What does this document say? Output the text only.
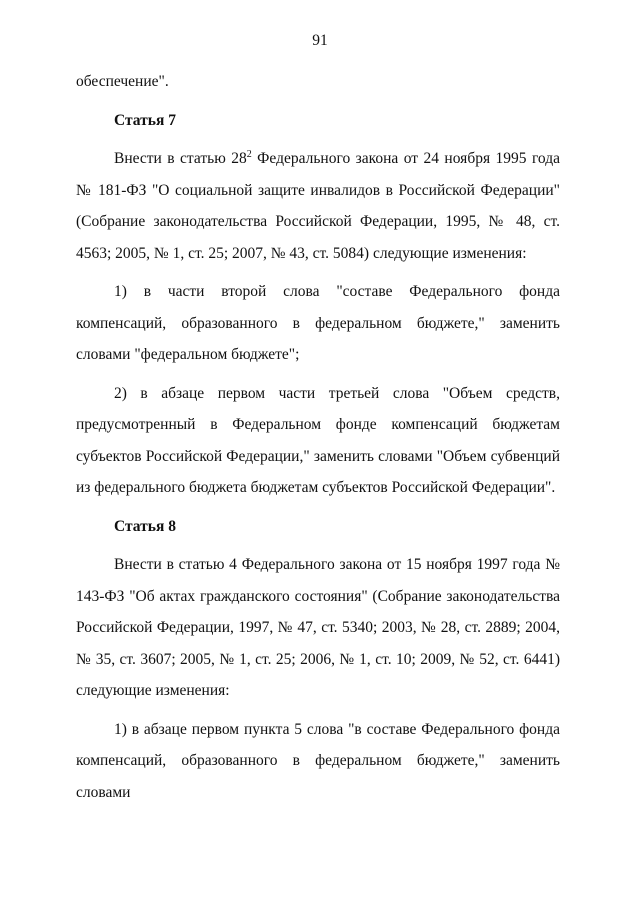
91

обеспечение".

Статья 7

Внести в статью $28^2$ Федерального закона от 24 ноября 1995 года № 181-ФЗ "О социальной защите инвалидов в Российской Федерации" (Собрание законодательства Российской Федерации, 1995, № 48, ст. 4563; 2005, № 1, ст. 25; 2007, № 43, ст. 5084) следующие изменения:

1) в части второй слова "составе Федерального фонда компенсаций, образованного в федеральном бюджете," заменить словами "федеральном бюджете";

2) в абзаце первом части третьей слова "Объем средств, предусмотренный в Федеральном фонде компенсаций бюджетам субъектов Российской Федерации," заменить словами "Объем субвенций из федерального бюджета бюджетам субъектов Российской Федерации".

Статья 8

Внести в статью 4 Федерального закона от 15 ноября 1997 года № 143-ФЗ "Об актах гражданского состояния" (Собрание законодательства Российской Федерации, 1997, № 47, ст. 5340; 2003, № 28, ст. 2889; 2004, № 35, ст. 3607; 2005, № 1, ст. 25; 2006, № 1, ст. 10; 2009, № 52, ст. 6441) следующие изменения:

1) в абзаце первом пункта 5 слова "в составе Федерального фонда компенсаций, образованного в федеральном бюджете," заменить словами
